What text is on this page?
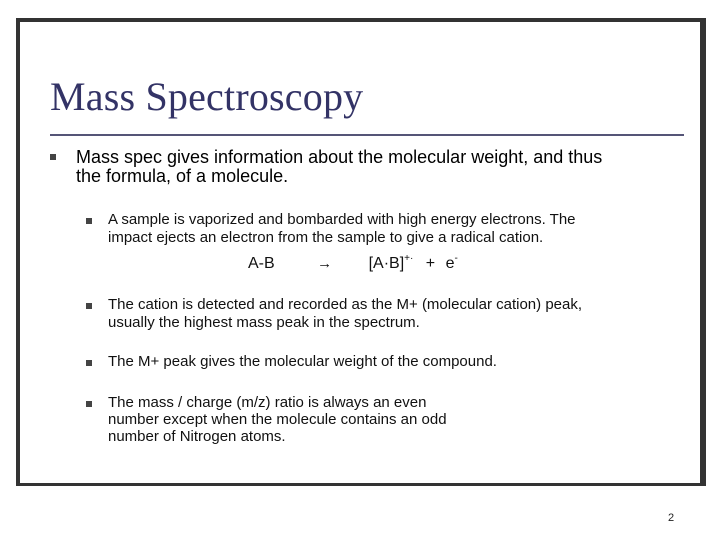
Mass Spectroscopy
Mass spec gives information about the molecular weight, and thus
the formula, of a molecule.
A sample is vaporized and bombarded with high energy electrons. The
impact ejects an electron from the sample to give a radical cation.
A-B	→ [A·B]+· + e-
The cation is detected and recorded as the M+ (molecular cation) peak,
usually the highest mass peak in the spectrum.
The M+ peak gives the molecular weight of the compound.
The mass / charge (m/z) ratio is always an even
number except when the molecule contains an odd
number of Nitrogen atoms.
2
